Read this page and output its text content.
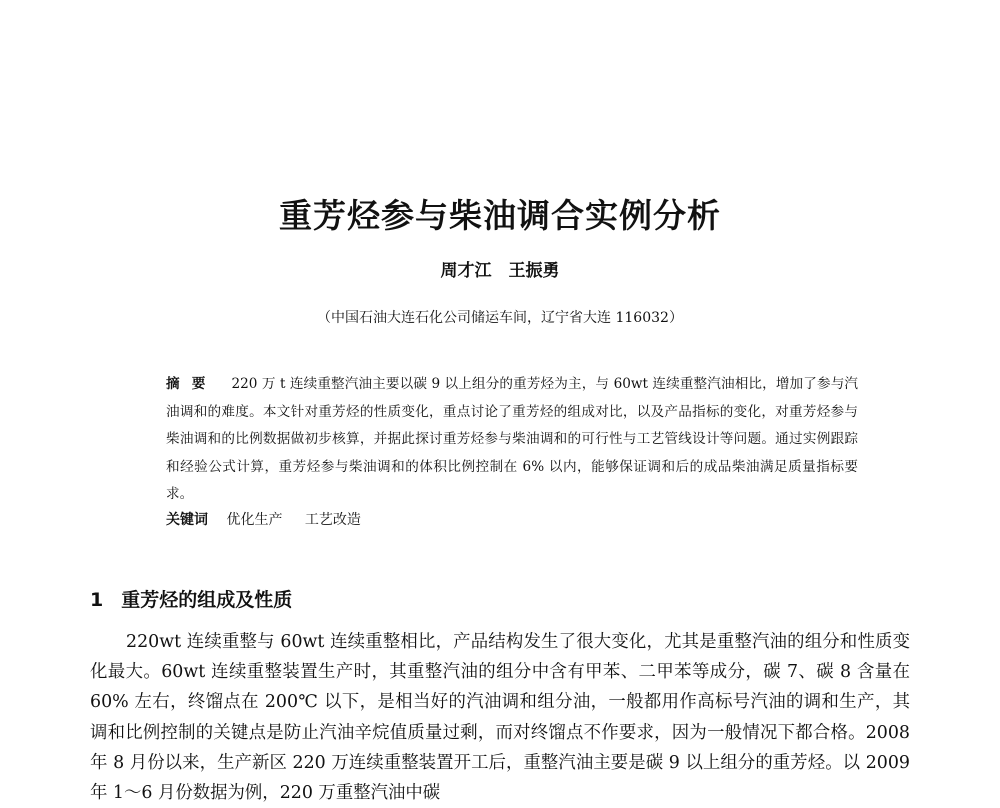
重芳烃参与柴油调合实例分析
周才江　王振勇
（中国石油大连石化公司储运车间，辽宁省大连 116032）
摘要 220 万 t 连续重整汽油主要以碳 9 以上组分的重芳烃为主，与 60wt 连续重整汽油相比，增加了参与汽油调和的难度。本文针对重芳烃的性质变化，重点讨论了重芳烃的组成对比，以及产品指标的变化，对重芳烃参与柴油调和的比例数据做初步核算，并据此探讨重芳烃参与柴油调和的可行性与工艺管线设计等问题。通过实例跟踪和经验公式计算，重芳烃参与柴油调和的体积比例控制在 6% 以内，能够保证调和后的成品柴油满足质量指标要求。
关键词 优化生产 工艺改造
1 重芳烃的组成及性质
220wt 连续重整与 60wt 连续重整相比，产品结构发生了很大变化，尤其是重整汽油的组分和性质变化最大。60wt 连续重整装置生产时，其重整汽油的组分中含有甲苯、二甲苯等成分，碳 7、碳 8 含量在 60% 左右，终馏点在 200℃ 以下，是相当好的汽油调和组分油，一般都用作高标号汽油的调和生产，其调和比例控制的关键点是防止汽油辛烷值质量过剩，而对终馏点不作要求，因为一般情况下都合格。2008 年 8 月份以来，生产新区 220 万连续重整装置开工后，重整汽油主要是碳 9 以上组分的重芳烃。以 2009 年 1～6 月份数据为例，220 万重整汽油中碳
